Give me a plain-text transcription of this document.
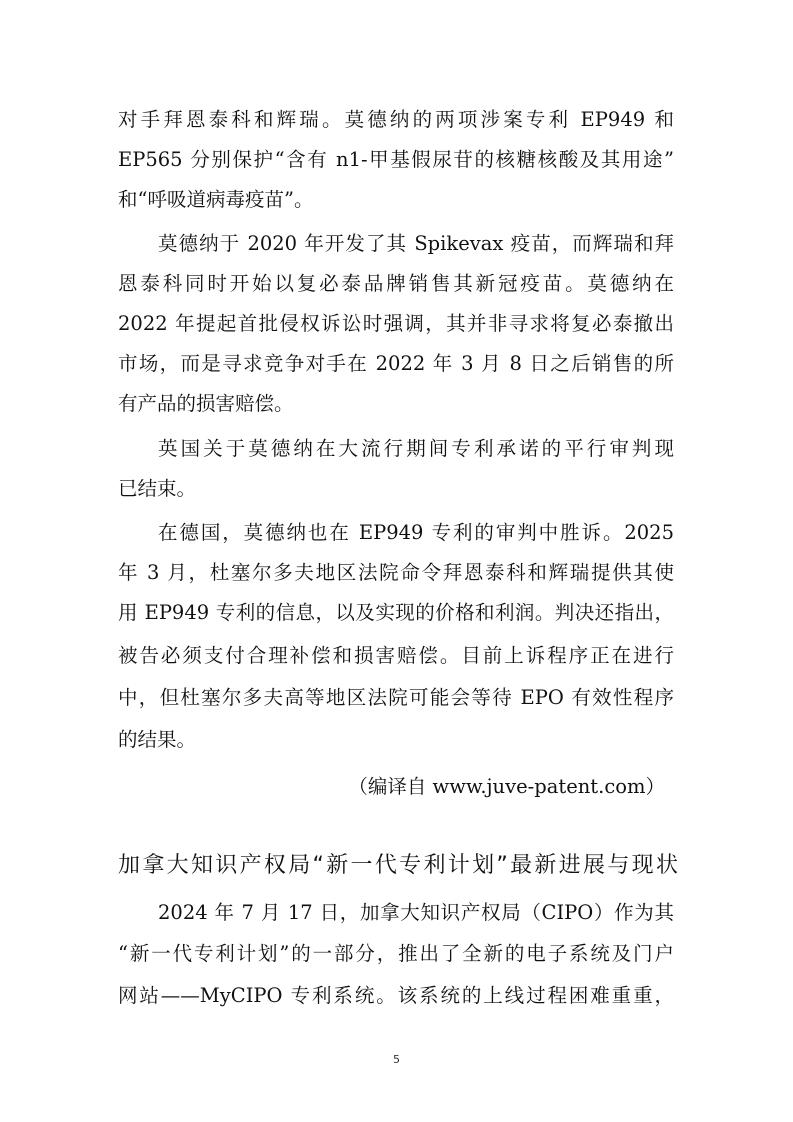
对手拜恩泰科和辉瑞。莫德纳的两项涉案专利 EP949 和
EP565 分别保护“含有 n1-甲基假尿苷的核糖核酸及其用途”
和“呼吸道病毒疫苗”。
莫德纳于 2020 年开发了其 Spikevax 疫苗，而辉瑞和拜
恩泰科同时开始以复必泰品牌销售其新冠疫苗。莫德纳在
2022 年提起首批侵权诉讼时强调，其并非寻求将复必泰撤出
市场，而是寻求竞争对手在 2022 年 3 月 8 日之后销售的所
有产品的损害赔偿。
英国关于莫德纳在大流行期间专利承诺的平行审判现
已结束。
在德国，莫德纳也在 EP949 专利的审判中胜诉。2025
年 3 月，杜塞尔多夫地区法院命令拜恩泰科和辉瑞提供其使
用 EP949 专利的信息，以及实现的价格和利润。判决还指出，
被告必须支付合理补偿和损害赔偿。目前上诉程序正在进行
中，但杜塞尔多夫高等地区法院可能会等待 EPO 有效性程序
的结果。
（编译自 www.juve-patent.com）
加拿大知识产权局“新一代专利计划”最新进展与现状
2024 年 7 月 17 日，加拿大知识产权局（CIPO）作为其
“新一代专利计划”的一部分，推出了全新的电子系统及门户
网站——MyCIPO 专利系统。该系统的上线过程困难重重，
5
